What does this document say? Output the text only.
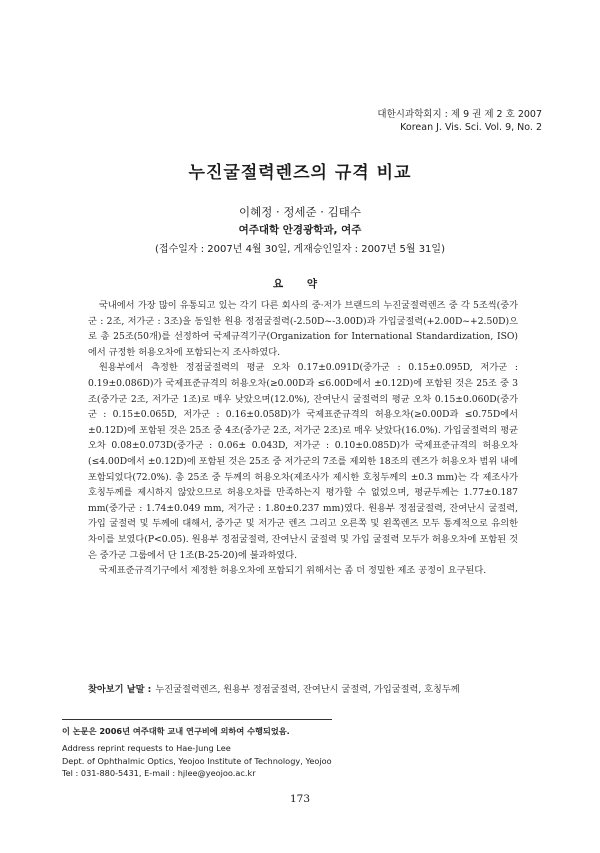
대한시과학회지 : 제 9 권 제 2 호 2007
Korean J. Vis. Sci. Vol. 9, No. 2
누진굴절력렌즈의 규격 비교
이혜정 · 정세준 · 김태수
여주대학 안경광학과, 여주
(접수일자 : 2007년 4월 30일, 게재승인일자 : 2007년 5월 31일)
요 약

국내에서 가장 많이 유통되고 있는 각기 다른 회사의 중·저가 브랜드의 누진굴절력렌즈 중 각 5조씩(중가군 : 2조, 저가군 : 3조)을 동일한 원용 정점굴절력(-2.50D~-3.00D)과 가입굴절력(+2.00D~+2.50D)으로 총 25조(50개)를 선정하여 국제규격기구(Organization for International Standardization, ISO)에서 규정한 허용오차에 포함되는지 조사하였다.

원용부에서 측정한 정점굴절력의 평균 오차 0.17±0.091D(중가군 : 0.15±0.095D, 저가군 : 0.19±0.086D)가 국제표준규격의 허용오차(≥0.00D과 ≤6.00D에서 ±0.12D)에 포함된 것은 25조 중 3조(중가군 2조, 저가군 1조)로 매우 낮았으며(12.0%), 잔여난시 굴절력의 평균 오차 0.15±0.060D(중가군 : 0.15±0.065D, 저가군 : 0.16±0.058D)가 국제표준규격의 허용오차(≥0.00D과 ≤0.75D에서 ±0.12D)에 포함된 것은 25조 중 4조(중가군 2조, 저가군 2조)로 매우 낮았다(16.0%). 가입굴절력의 평균 오차 0.08±0.073D(중가군 : 0.06± 0.043D, 저가군 : 0.10±0.085D)가 국제표준규격의 허용오차(≤4.00D에서 ±0.12D)에 포함된 것은 25조 중 저가군의 7조를 제외한 18조의 렌즈가 허용오차 범위 내에 포함되었다(72.0%). 총 25조 중 두께의 허용오차(제조사가 제시한 호칭두께의 ±0.3 mm)는 각 제조사가 호칭두께를 제시하지 않았으므로 허용오차를 만족하는지 평가할 수 없었으며, 평균두께는 1.77±0.187 mm(중가군 : 1.74±0.049 mm, 저가군 : 1.80±0.237 mm)였다. 원용부 정점굴절력, 잔여난시 굴절력, 가입 굴절력 및 두께에 대해서, 중가군 및 저가군 렌즈 그리고 오른쪽 및 왼쪽렌즈 모두 통계적으로 유의한 차이를 보였다(P<0.05). 원용부 정점굴절력, 잔여난시 굴절력 및 가입 굴절력 모두가 허용오차에 포함된 것은 중가군 그룹에서 단 1조(B-25-20)에 불과하였다.

국제표준규격기구에서 제정한 허용오차에 포함되기 위해서는 좀 더 정밀한 제조 공정이 요구된다.

찾아보기 낱말 : 누진굴절력렌즈, 원용부 정점굴절력, 잔여난시 굴절력, 가입굴절력, 호칭두께
이 논문은 2006년 여주대학 교내 연구비에 의하여 수행되었음.
Address reprint requests to Hae-Jung Lee
Dept. of Ophthalmic Optics, Yeojoo Institute of Technology, Yeojoo
Tel : 031-880-5431, E-mail : hjlee@yeojoo.ac.kr
173
